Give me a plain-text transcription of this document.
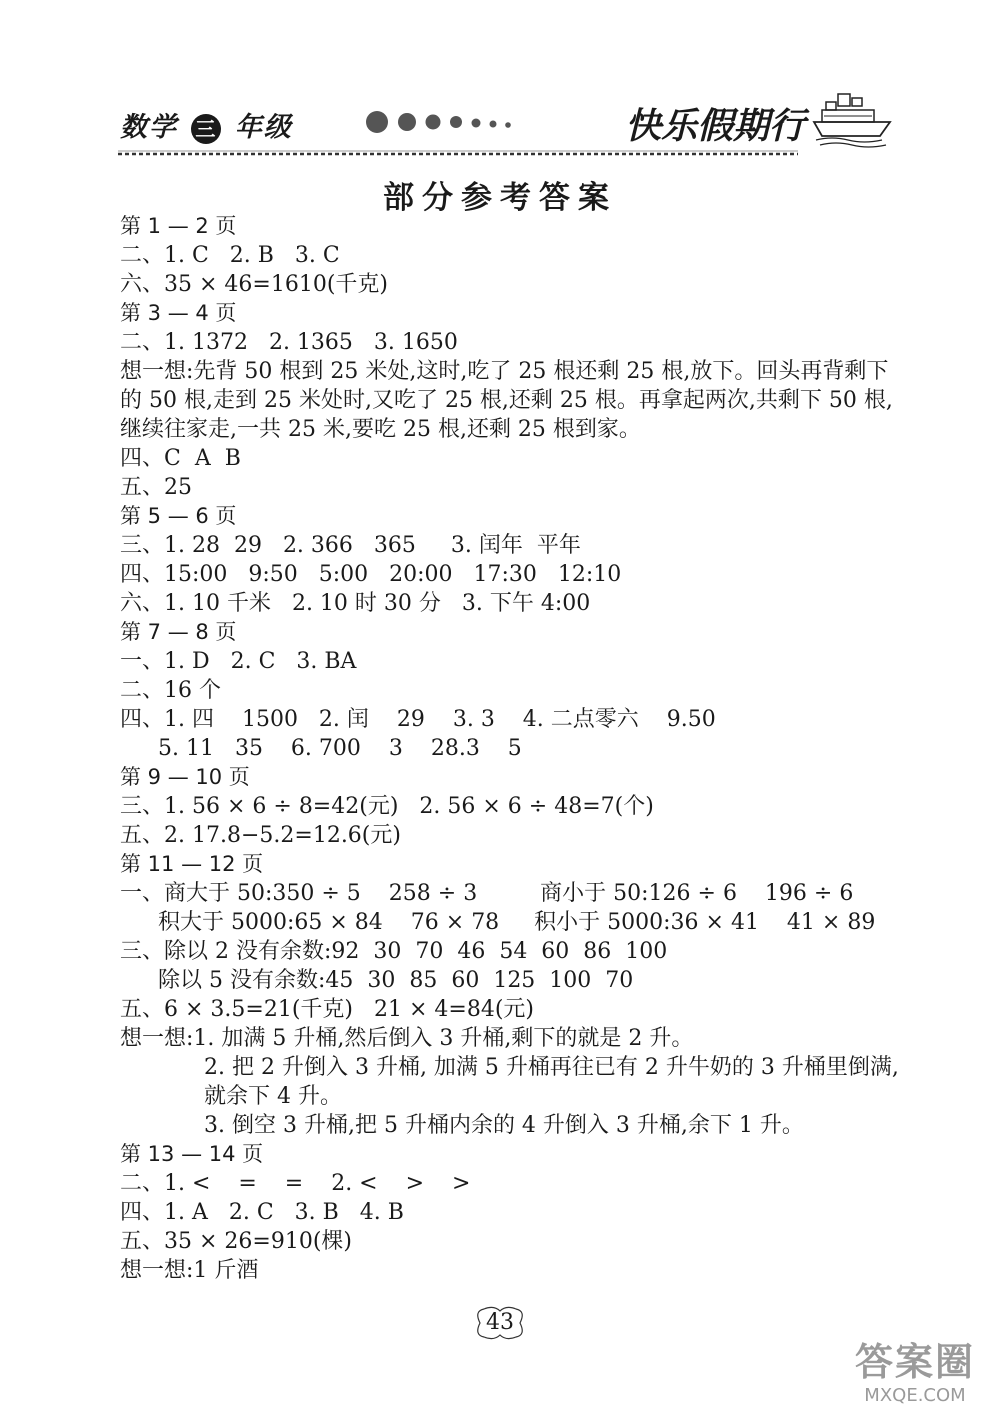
数学 三 年级	快乐假期行
部分参考答案
第 1 — 2 页
二、1. C   2. B   3. C
六、35 × 46=1610(千克)
第 3 — 4 页
二、1. 1372   2. 1365   3. 1650
想一想:先背 50 根到 25 米处,这时,吃了 25 根还剩 25 根,放下。回头再背剩下的 50 根,走到 25 米处时,又吃了 25 根,还剩 25 根。再拿起两次,共剩下 50 根,继续往家走,一共 25 米,要吃 25 根,还剩 25 根到家。
四、C  A  B
五、25
第 5 — 6 页
三、1. 28  29   2. 366   365     3. 闰年  平年
四、15:00   9:50   5:00   20:00   17:30   12:10
六、1. 10 千米   2. 10 时 30 分   3. 下午 4:00
第 7 — 8 页
一、1. D   2. C   3. BA
二、16 个
四、1. 四    1500   2. 闰    29    3. 3    4. 二点零六    9.50
5. 11   35    6. 700    3    28.3    5
第 9 — 10 页
三、1. 56 × 6 ÷ 8=42(元)   2. 56 × 6 ÷ 48=7(个)
五、2. 17.8−5.2=12.6(元)
第 11 — 12 页
一、商大于 50:350 ÷ 5    258 ÷ 3         商小于 50:126 ÷ 6    196 ÷ 6
积大于 5000:65 × 84    76 × 78     积小于 5000:36 × 41    41 × 89
三、除以 2 没有余数:92  30  70  46  54  60  86  100
除以 5 没有余数:45  30  85  60  125  100  70
五、6 × 3.5=21(千克)   21 × 4=84(元)
想一想:1. 加满 5 升桶,然后倒入 3 升桶,剩下的就是 2 升。
2. 把 2 升倒入 3 升桶, 加满 5 升桶再往已有 2 升牛奶的 3 升桶里倒满,就余下 4 升。
3. 倒空 3 升桶,把 5 升桶内余的 4 升倒入 3 升桶,余下 1 升。
第 13 — 14 页
二、1. <    =    =    2. <    >    >
四、1. A   2. C   3. B   4. B
五、35 × 26=910(棵)
想一想:1 斤酒
43
答案圈
MXQE.COM
